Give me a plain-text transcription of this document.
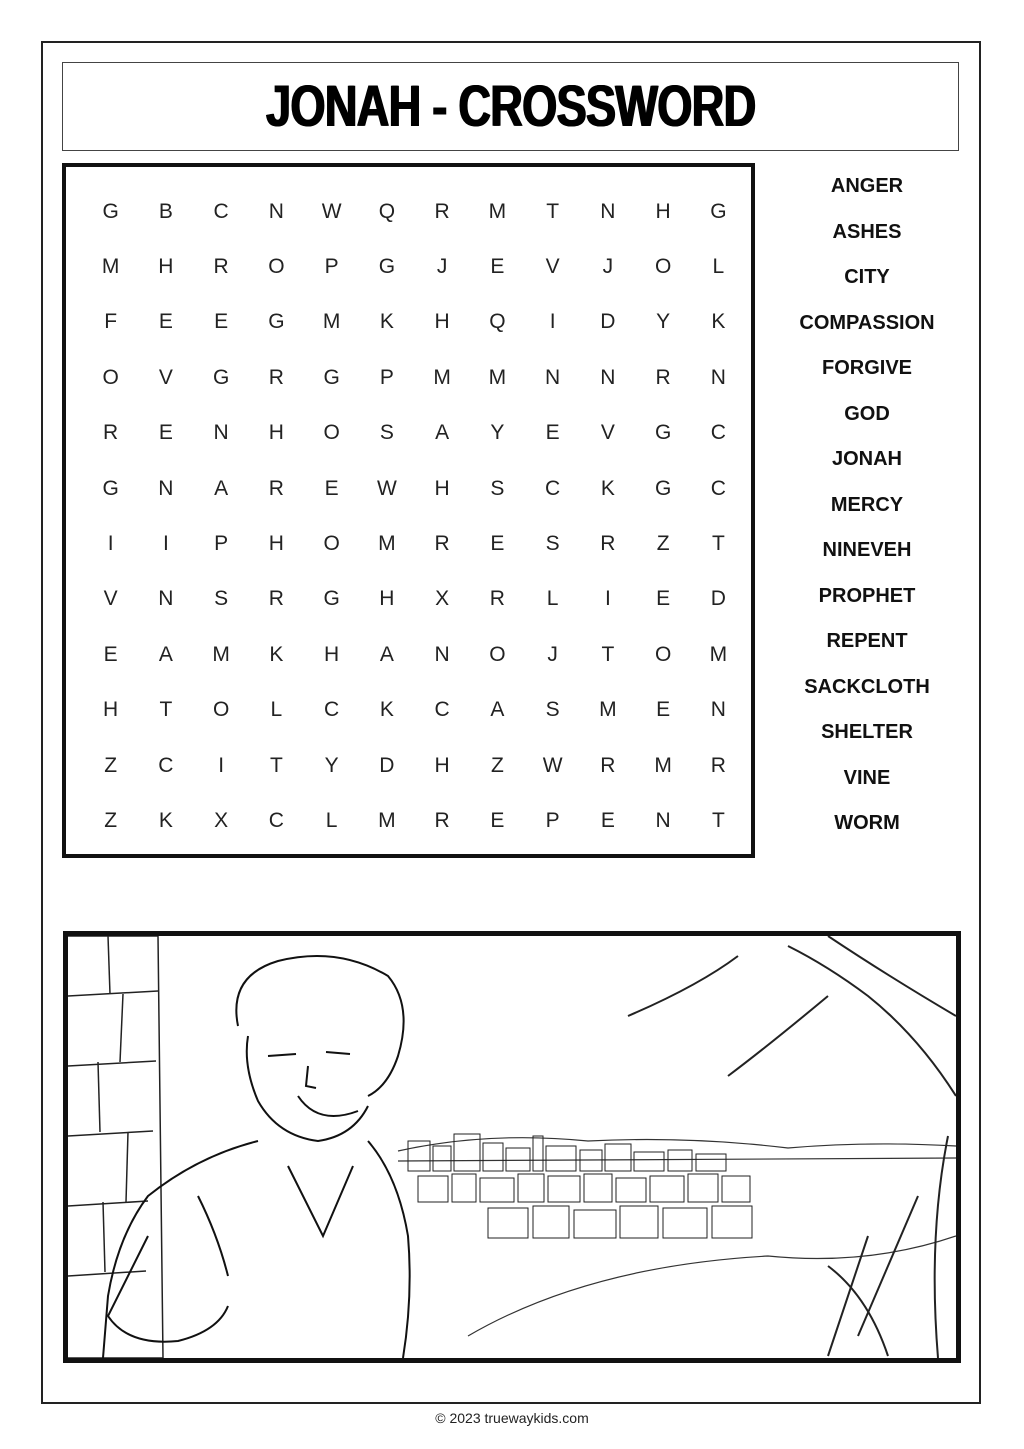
JONAH - CROSSWORD
G	B	C	N	W	Q	R	M	T	N	H	G
M	H	R	O	P	G	J	E	V	J	O	L
F	E	E	G	M	K	H	Q	I	D	Y	K
O	V	G	R	G	P	M	M	N	N	R	N
R	E	N	H	O	S	A	Y	E	V	G	C
G	N	A	R	E	W	H	S	C	K	G	C
I	I	P	H	O	M	R	E	S	R	Z	T
V	N	S	R	G	H	X	R	L	I	E	D
E	A	M	K	H	A	N	O	J	T	O	M
H	T	O	L	C	K	C	A	S	M	E	N
Z	C	I	T	Y	D	H	Z	W	R	M	R
Z	K	X	C	L	M	R	E	P	E	N	T
ANGER
ASHES
CITY
COMPASSION
FORGIVE
GOD
JONAH
MERCY
NINEVEH
PROPHET
REPENT
SACKCLOTH
SHELTER
VINE
WORM
© 2023 truewaykids.com
